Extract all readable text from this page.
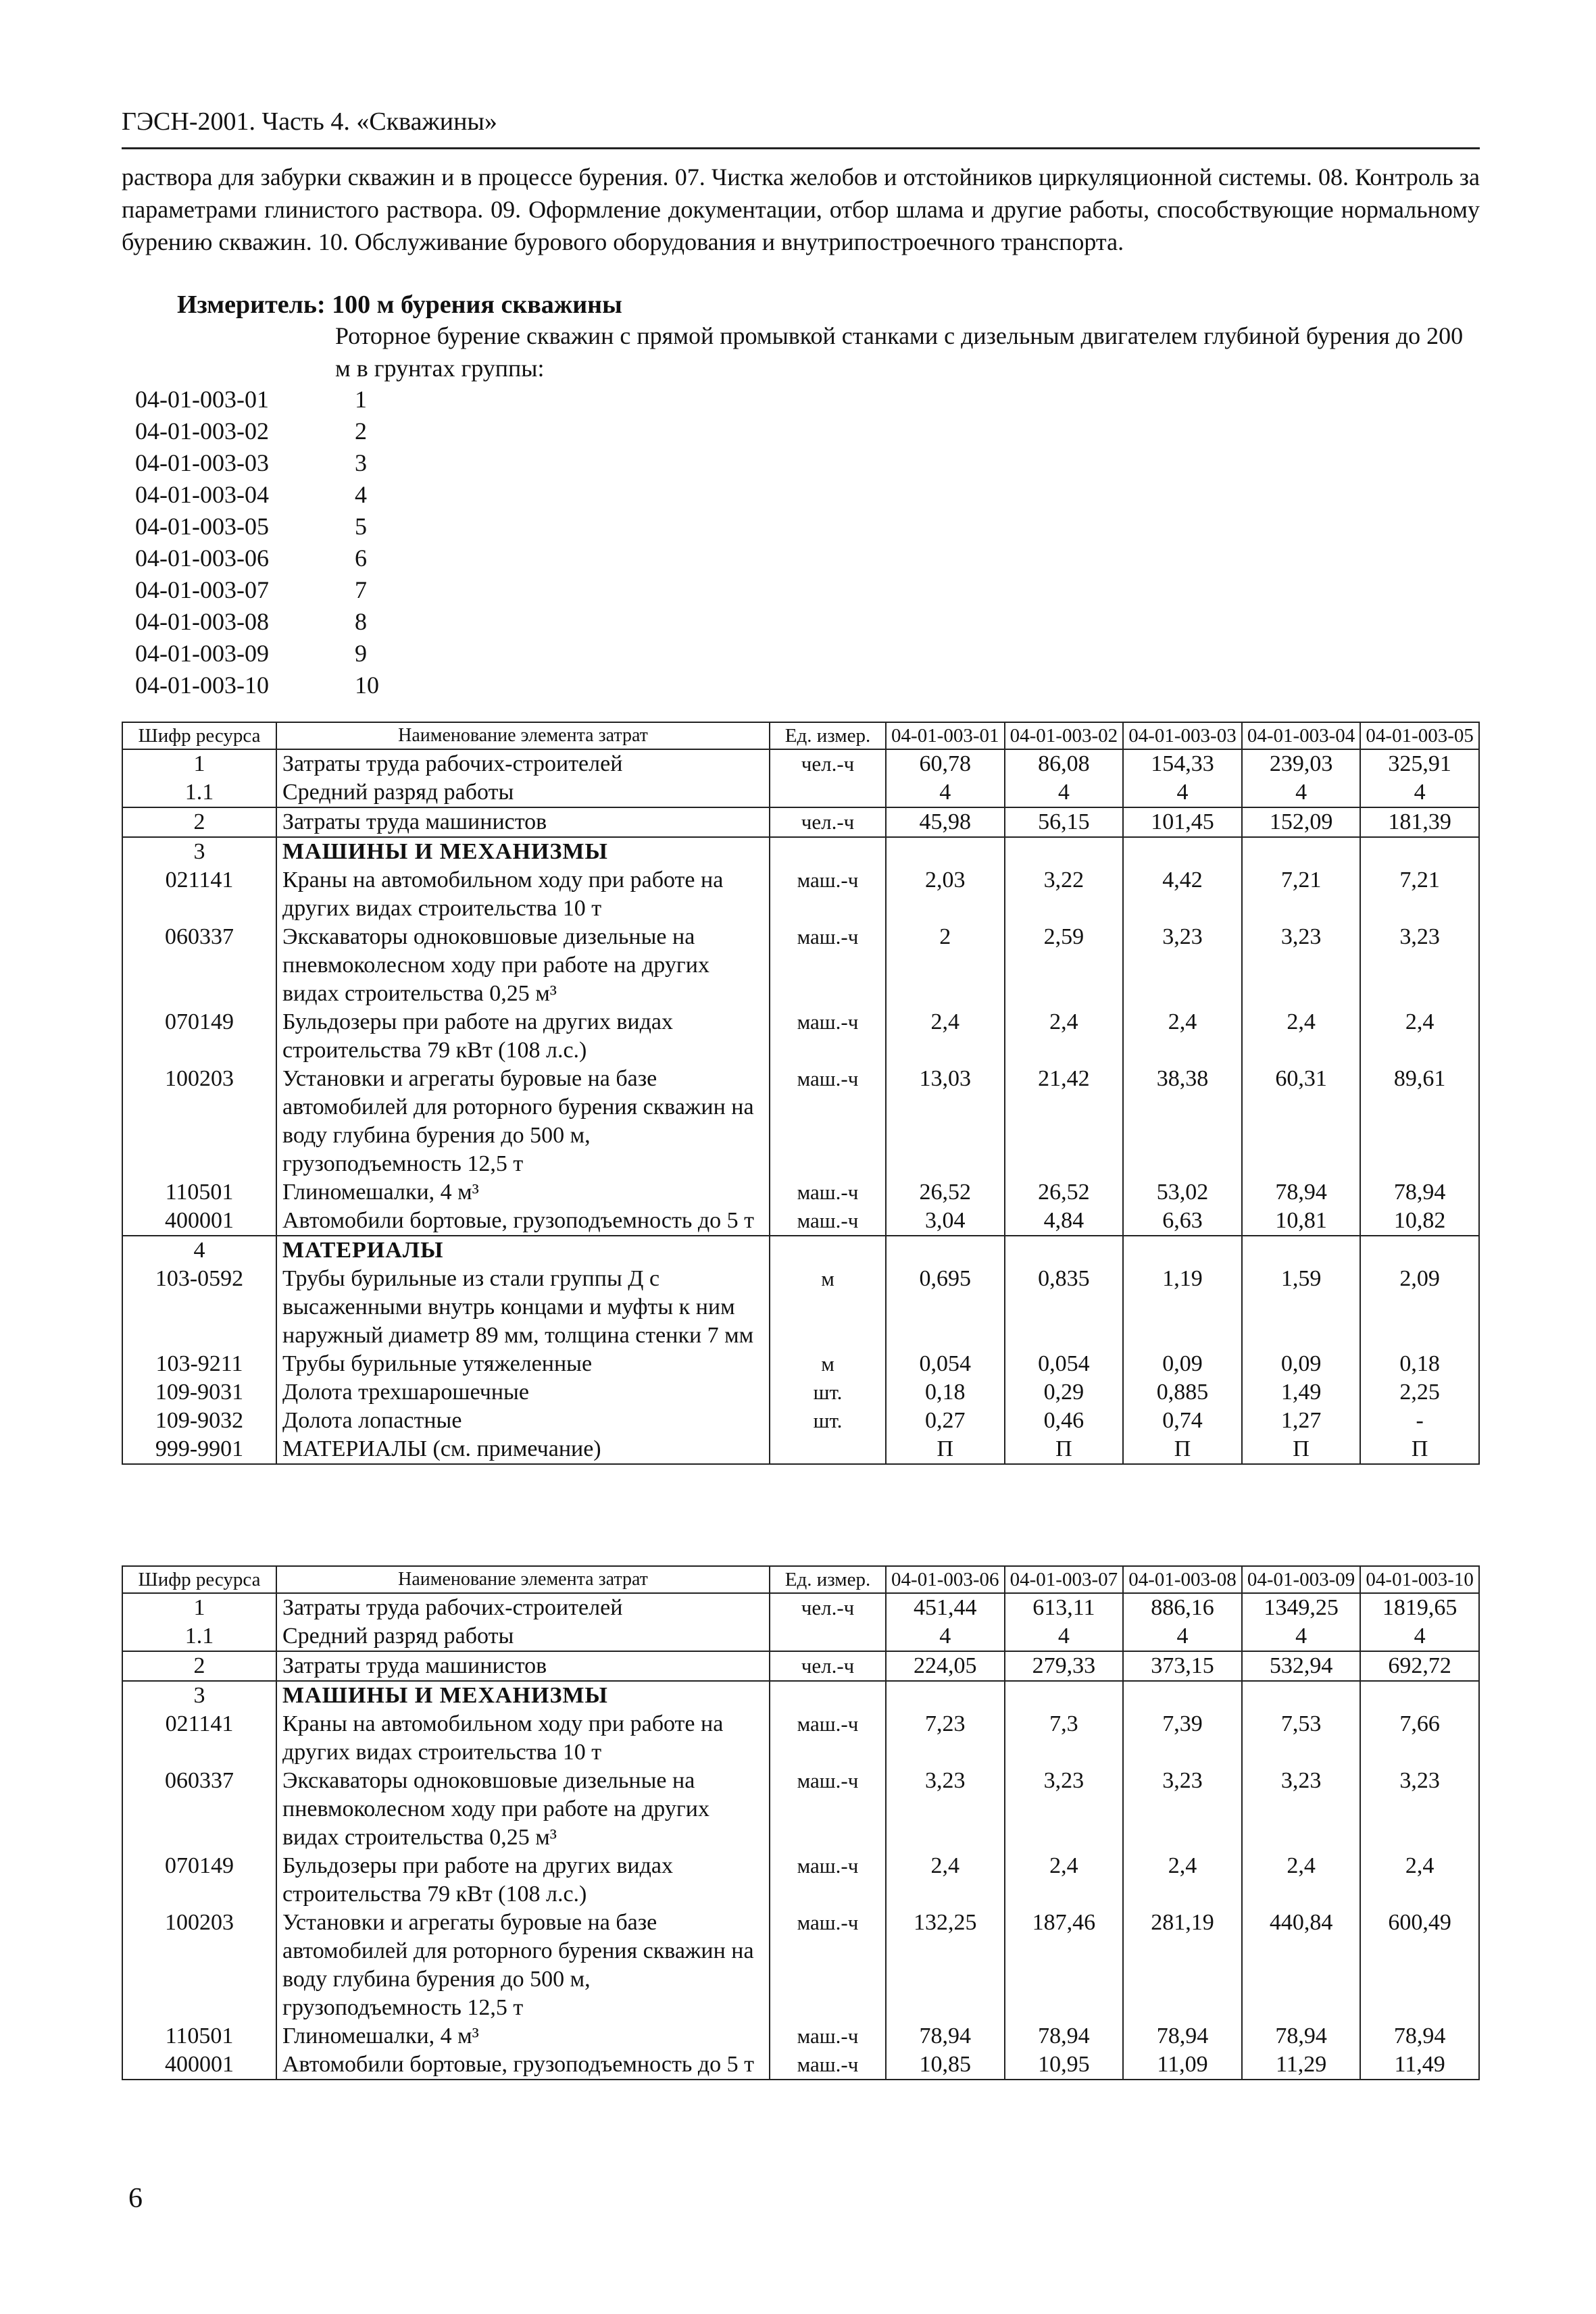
ГЭСН-2001. Часть 4. «Скважины»
раствора для забурки скважин и в процессе бурения. 07. Чистка желобов и отстойников циркуляционной системы. 08. Контроль за параметрами глинистого раствора. 09. Оформление документации, отбор шлама и другие работы, способствующие нормальному бурению скважин. 10. Обслуживание бурового оборудования и внутрипостроечного транспорта.
Измеритель: 100 м бурения скважины
Роторное бурение скважин с прямой промывкой станками с дизельным двигателем глубиной бурения до 200 м в грунтах группы:
04-01-003-01	1
04-01-003-02	2
04-01-003-03	3
04-01-003-04	4
04-01-003-05	5
04-01-003-06	6
04-01-003-07	7
04-01-003-08	8
04-01-003-09	9
04-01-003-10	10
Шифр ресурса	Наименование элемента затрат	Ед. измер.	04-01-003-01	04-01-003-02	04-01-003-03	04-01-003-04	04-01-003-05
1	Затраты труда рабочих-строителей	чел.-ч	60,78	86,08	154,33	239,03	325,91
1.1	Средний разряд работы		4	4	4	4	4
2	Затраты труда машинистов	чел.-ч	45,98	56,15	101,45	152,09	181,39
3	МАШИНЫ И МЕХАНИЗМЫ						
021141	Краны на автомобильном ходу при работе на других видах строительства 10 т	маш.-ч	2,03	3,22	4,42	7,21	7,21
060337	Экскаваторы одноковшовые дизельные на пневмоколесном ходу при работе на других видах строительства 0,25 м³	маш.-ч	2	2,59	3,23	3,23	3,23
070149	Бульдозеры при работе на других видах строительства 79 кВт (108 л.с.)	маш.-ч	2,4	2,4	2,4	2,4	2,4
100203	Установки и агрегаты буровые на базе автомобилей для роторного бурения скважин на воду глубина бурения до 500 м, грузоподъемность 12,5 т	маш.-ч	13,03	21,42	38,38	60,31	89,61
110501	Глиномешалки, 4 м³	маш.-ч	26,52	26,52	53,02	78,94	78,94
400001	Автомобили бортовые, грузоподъемность до 5 т	маш.-ч	3,04	4,84	6,63	10,81	10,82
4	МАТЕРИАЛЫ						
103-0592	Трубы бурильные из стали группы Д с высаженными внутрь концами и муфты к ним наружный диаметр 89 мм, толщина стенки 7 мм	м	0,695	0,835	1,19	1,59	2,09
103-9211	Трубы бурильные утяжеленные	м	0,054	0,054	0,09	0,09	0,18
109-9031	Долота трехшарошечные	шт.	0,18	0,29	0,885	1,49	2,25
109-9032	Долота лопастные	шт.	0,27	0,46	0,74	1,27	-
999-9901	МАТЕРИАЛЫ (см. примечание)		П	П	П	П	П
Шифр ресурса	Наименование элемента затрат	Ед. измер.	04-01-003-06	04-01-003-07	04-01-003-08	04-01-003-09	04-01-003-10
1	Затраты труда рабочих-строителей	чел.-ч	451,44	613,11	886,16	1349,25	1819,65
1.1	Средний разряд работы		4	4	4	4	4
2	Затраты труда машинистов	чел.-ч	224,05	279,33	373,15	532,94	692,72
3	МАШИНЫ И МЕХАНИЗМЫ						
021141	Краны на автомобильном ходу при работе на других видах строительства 10 т	маш.-ч	7,23	7,3	7,39	7,53	7,66
060337	Экскаваторы одноковшовые дизельные на пневмоколесном ходу при работе на других видах строительства 0,25 м³	маш.-ч	3,23	3,23	3,23	3,23	3,23
070149	Бульдозеры при работе на других видах строительства 79 кВт (108 л.с.)	маш.-ч	2,4	2,4	2,4	2,4	2,4
100203	Установки и агрегаты буровые на базе автомобилей для роторного бурения скважин на воду глубина бурения до 500 м, грузоподъемность 12,5 т	маш.-ч	132,25	187,46	281,19	440,84	600,49
110501	Глиномешалки, 4 м³	маш.-ч	78,94	78,94	78,94	78,94	78,94
400001	Автомобили бортовые, грузоподъемность до 5 т	маш.-ч	10,85	10,95	11,09	11,29	11,49
6
